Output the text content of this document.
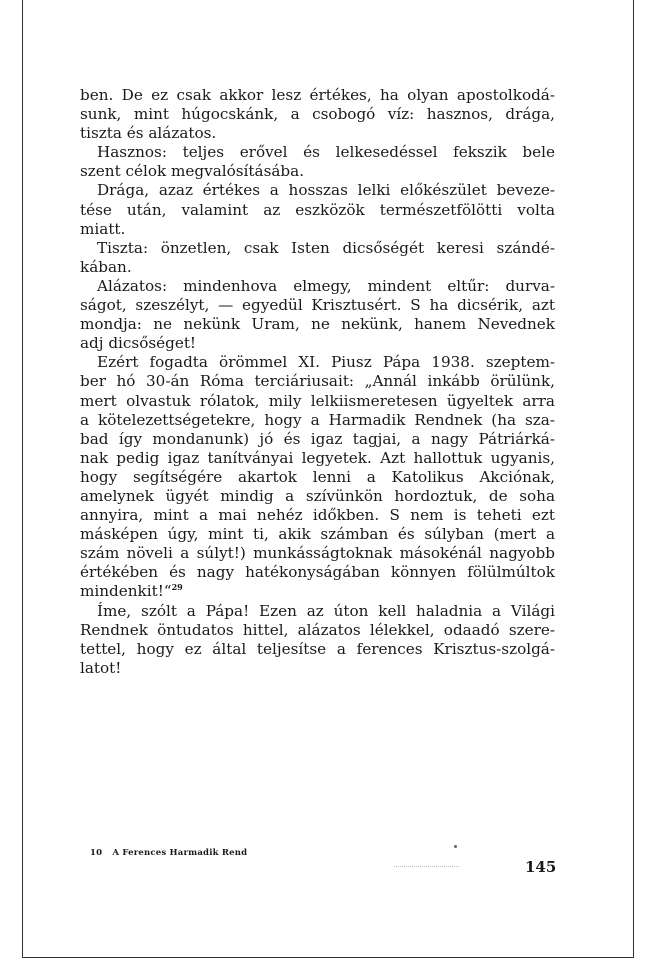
ben. De ez csak akkor lesz értékes, ha olyan apostolkodá-
sunk, mint húgocskánk, a csobogó víz: hasznos, drága,
tiszta és alázatos.

Hasznos: teljes erővel és lelkesedéssel fekszik bele
szent célok megvalósításába.

Drága, azaz értékes a hosszas lelki előkészület beveze-
tése után, valamint az eszközök természetfölötti volta
miatt.

Tiszta: önzetlen, csak Isten dicsőségét keresi szándé-
kában.

Alázatos: mindenhova elmegy, mindent eltűr: durva-
ságot, szeszélyt, — egyedül Krisztusért. S ha dicsérik, azt
mondja: ne nekünk Uram, ne nekünk, hanem Nevednek
adj dicsőséget!

Ezért fogadta örömmel XI. Piusz Pápa 1938. szeptem-
ber hó 30-án Róma terciáriusait: „Annál inkább örülünk,
mert olvastuk rólatok, mily lelkiismeretesen ügyeltek arra
a kötelezettségetekre, hogy a Harmadik Rendnek (ha sza-
bad így mondanunk) jó és igaz tagjai, a nagy Pátriárká-
nak pedig igaz tanítványai legyetek. Azt hallottuk ugyanis,
hogy segítségére akartok lenni a Katolikus Akciónak,
amelynek ügyét mindig a szívünkön hordoztuk, de soha
annyira, mint a mai nehéz időkben. S nem is teheti ezt
másképen úgy, mint ti, akik számban és súlyban (mert a
szám növeli a súlyt!) munkásságtoknak másokénál nagyobb
értékében és nagy hatékonyságában könnyen fölülmúltok
mindenkit!“$^{29}$

Íme, szólt a Pápa! Ezen az úton kell haladnia a Világi
Rendnek öntudatos hittel, alázatos lélekkel, odaadó szere-
tettel, hogy ez által teljesítse a ferences Krisztus-szolgá-
latot!

10 A Ferences Harmadik Rend
145
